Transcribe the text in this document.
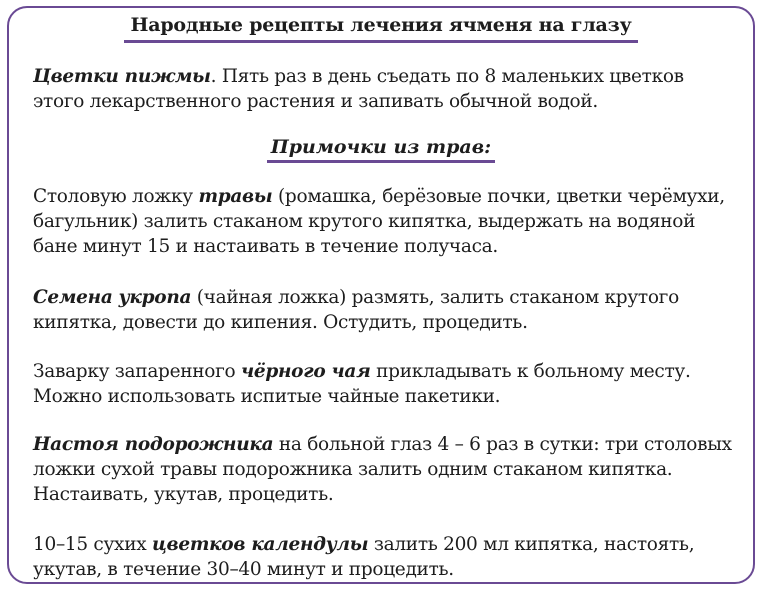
Народные рецепты лечения ячменя на глазу
Цветки пижмы. Пять раз в день съедать по 8 маленьких цветков этого лекарственного растения и запивать обычной водой.
Примочки из трав:
Столовую ложку травы (ромашка, берёзовые почки, цветки черёмухи, багульник) залить стаканом крутого кипятка, выдержать на водяной бане минут 15 и настаивать в течение получаса.
Семена укропа (чайная ложка) размять, залить стаканом крутого кипятка, довести до кипения. Остудить, процедить.
Заварку запаренного чёрного чая прикладывать к больному месту. Можно использовать испитые чайные пакетики.
Настоя подорожника на больной глаз 4 – 6 раз в сутки: три столовых ложки сухой травы подорожника залить одним стаканом кипятка. Настаивать, укутав, процедить.
10–15 сухих цветков календулы залить 200 мл кипятка, настоять, укутав, в течение 30–40 минут и процедить.
